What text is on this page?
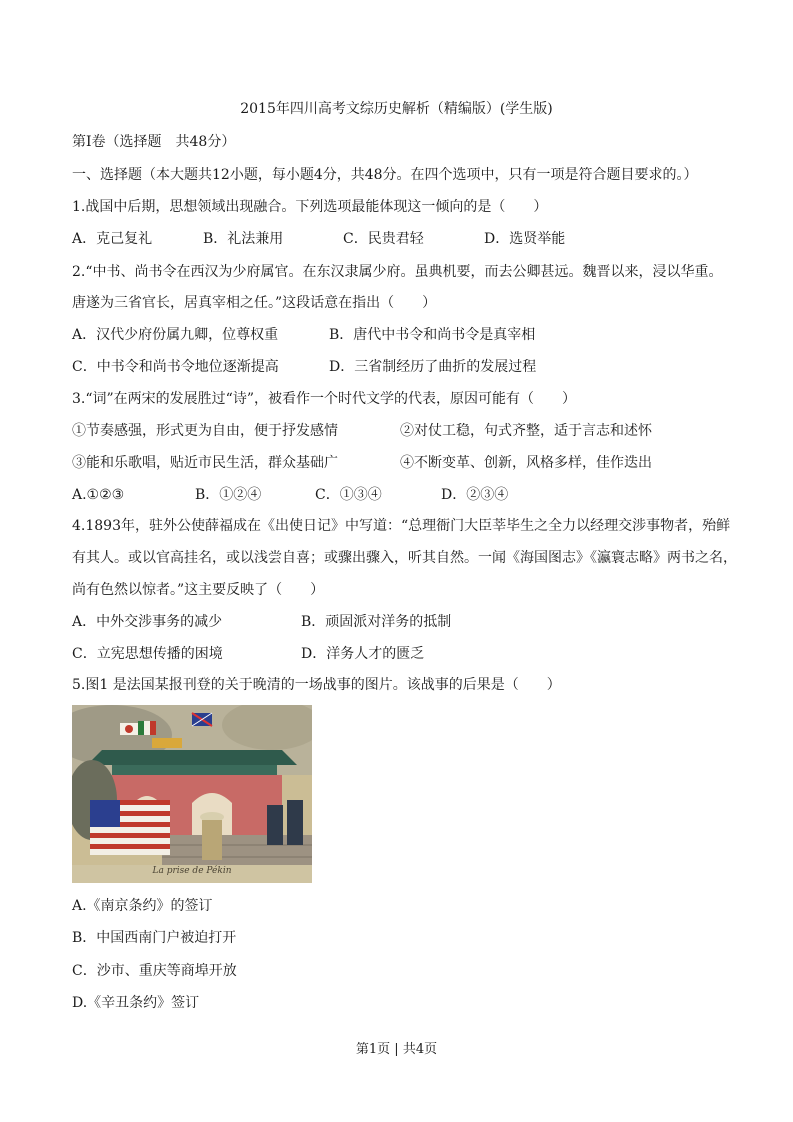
2015年四川高考文综历史解析（精编版）(学生版)
第Ⅰ卷（选择题　共48分）
一、选择题（本大题共12小题，每小题4分，共48分。在四个选项中，只有一项是符合题目要求的。）
1.战国中后期，思想领域出现融合。下列选项最能体现这一倾向的是（　　）
A．克己复礼	B．礼法兼用	C．民贵君轻	D．选贤举能
2.“中书、尚书令在西汉为少府属官。在东汉隶属少府。虽典机要，而去公卿甚远。魏晋以来，浸以华重。
唐遂为三省官长，居真宰相之任。”这段话意在指出（　　）
A．汉代少府份属九卿，位尊权重	B．唐代中书令和尚书令是真宰相
C．中书令和尚书令地位逐渐提高	D．三省制经历了曲折的发展过程
3.“词”在两宋的发展胜过“诗”，被看作一个时代文学的代表，原因可能有（　　）
①节奏感强，形式更为自由，便于抒发感情	②对仗工稳，句式齐整，适于言志和述怀
③能和乐歌唱，贴近市民生活，群众基础广	④不断变革、创新，风格多样，佳作迭出
A.①②③	B．①②④	C．①③④	D．②③④
4.1893年，驻外公使薛福成在《出使日记》中写道：“总理衙门大臣莘毕生之全力以经理交涉事物者，殆鲜
有其人。或以官高挂名，或以浅尝自喜；或骤出骤入，听其自然。一闻《海国图志》《瀛寰志略》两书之名，
尚有色然以惊者。”这主要反映了（　　）
A．中外交涉事务的减少	B．顽固派对洋务的抵制
C．立宪思想传播的困境	D．洋务人才的匮乏
5.图1 是法国某报刊登的关于晚清的一场战事的图片。该战事的后果是（　　）
La prise de Pékin
A.《南京条约》的签订
B．中国西南门户被迫打开
C．沙市、重庆等商埠开放
D.《辛丑条约》签订
第1页 | 共4页
